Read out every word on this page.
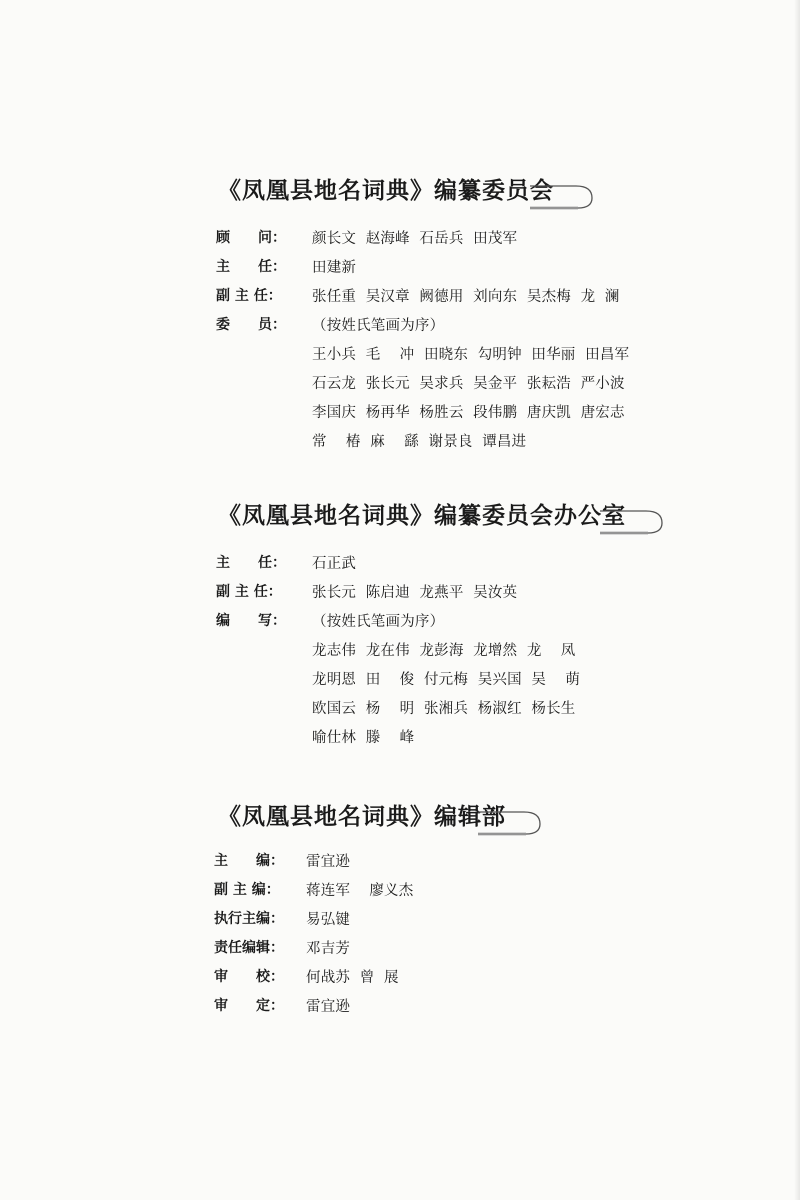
《凤凰县地名词典》编纂委员会
顾　　问： 颜长文  赵海峰  石岳兵  田茂军
主　　任： 田建新
副 主 任： 张任重  吴汉章  阙德用  刘向东  吴杰梅  龙  澜
委　　员： （按姓氏笔画为序）
王小兵  毛    冲  田晓东  勾明钟  田华丽  田昌军
石云龙  张长元  吴求兵  吴金平  张耘浩  严小波
李国庆  杨再华  杨胜云  段伟鹏  唐庆凯  唐宏志
常    椿  麻    繇  谢景良  谭昌进
《凤凰县地名词典》编纂委员会办公室
主　　任： 石正武
副 主 任： 张长元  陈启迪  龙燕平  吴汝英
编　　写： （按姓氏笔画为序）
龙志伟  龙在伟  龙彭海  龙增然  龙    凤
龙明恩  田    俊  付元梅  吴兴国  吴    萌
欧国云  杨    明  张湘兵  杨淑红  杨长生
喻仕林  滕    峰
《凤凰县地名词典》编辑部
主　　编： 雷宜逊
副 主 编： 蒋连军    廖义杰
执行主编： 易弘键
责任编辑： 邓吉芳
审　　校： 何战苏  曾  展
审　　定： 雷宜逊
